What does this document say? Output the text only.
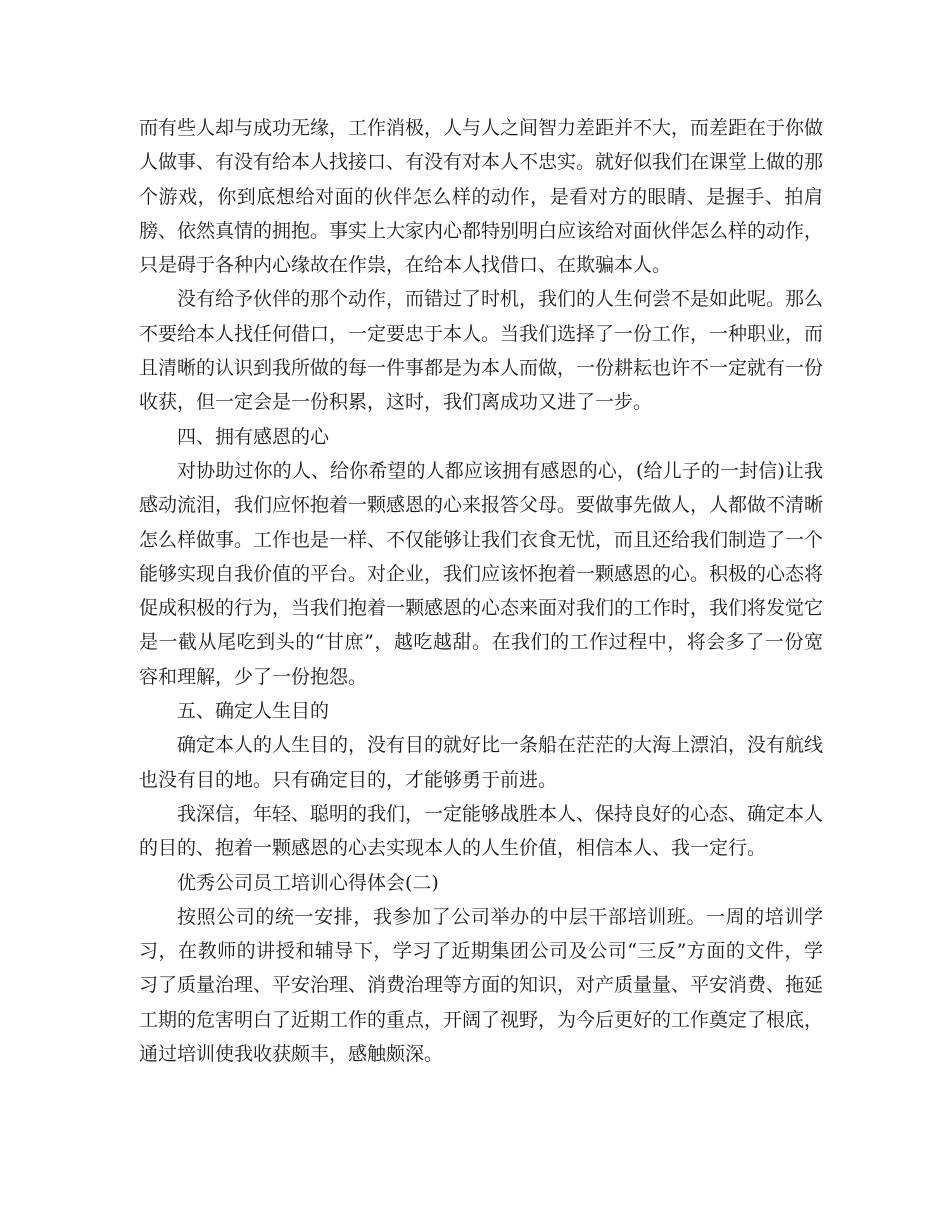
而有些人却与成功无缘，工作消极，人与人之间智力差距并不大，而差距在于你做人做事、有没有给本人找接口、有没有对本人不忠实。就好似我们在课堂上做的那个游戏，你到底想给对面的伙伴怎么样的动作，是看对方的眼睛、是握手、拍肩膀、依然真情的拥抱。事实上大家内心都特别明白应该给对面伙伴怎么样的动作，只是碍于各种内心缘故在作祟，在给本人找借口、在欺骗本人。

没有给予伙伴的那个动作，而错过了时机，我们的人生何尝不是如此呢。那么不要给本人找任何借口，一定要忠于本人。当我们选择了一份工作，一种职业，而且清晰的认识到我所做的每一件事都是为本人而做，一份耕耘也许不一定就有一份收获，但一定会是一份积累，这时，我们离成功又进了一步。

四、拥有感恩的心

对协助过你的人、给你希望的人都应该拥有感恩的心，(给儿子的一封信)让我感动流泪，我们应怀抱着一颗感恩的心来报答父母。要做事先做人，人都做不清晰怎么样做事。工作也是一样、不仅能够让我们衣食无忧，而且还给我们制造了一个能够实现自我价值的平台。对企业，我们应该怀抱着一颗感恩的心。积极的心态将促成积极的行为，当我们抱着一颗感恩的心态来面对我们的工作时，我们将发觉它是一截从尾吃到头的“甘庶”，越吃越甜。在我们的工作过程中，将会多了一份宽容和理解，少了一份抱怨。

五、确定人生目的

确定本人的人生目的，没有目的就好比一条船在茫茫的大海上漂泊，没有航线也没有目的地。只有确定目的，才能够勇于前进。

我深信，年轻、聪明的我们，一定能够战胜本人、保持良好的心态、确定本人的目的、抱着一颗感恩的心去实现本人的人生价值，相信本人、我一定行。

优秀公司员工培训心得体会(二)

按照公司的统一安排，我参加了公司举办的中层干部培训班。一周的培训学习，在教师的讲授和辅导下，学习了近期集团公司及公司“三反”方面的文件，学习了质量治理、平安治理、消费治理等方面的知识，对产质量量、平安消费、拖延工期的危害明白了近期工作的重点，开阔了视野，为今后更好的工作奠定了根底，通过培训使我收获颇丰，感触颇深。
